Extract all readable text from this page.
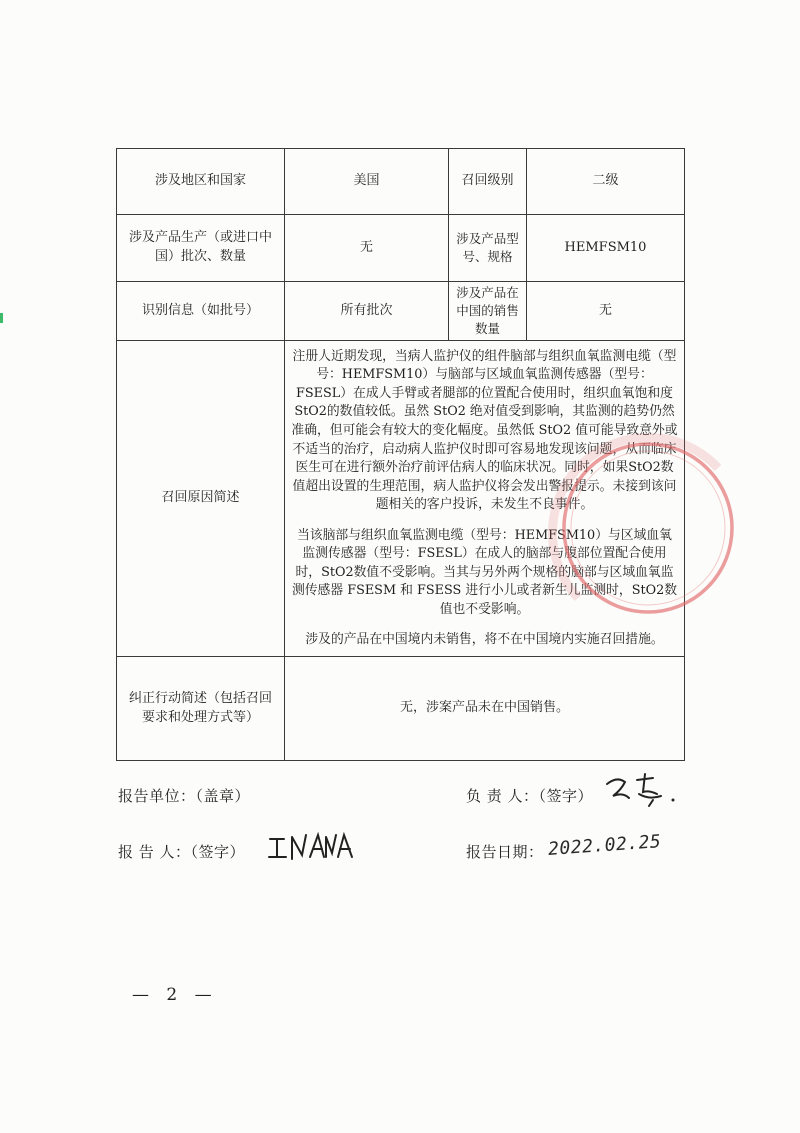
涉及地区和国家	美国	召回级别	二级
涉及产品生产（或进口中国）批次、数量	无	涉及产品型号、规格	HEMFSM10
识别信息（如批号）	所有批次	涉及产品在中国的销售数量	无
召回原因简述	注册人近期发现，当病人监护仪的组件脑部与组织血氧监测电缆（型号：HEMFSM10）与脑部与区域血氧监测传感器（型号：FSESL）在成人手臂或者腿部的位置配合使用时，组织血氧饱和度StO2的数值较低。虽然 StO2 绝对值受到影响，其监测的趋势仍然准确，但可能会有较大的变化幅度。虽然低 StO2 值可能导致意外或不适当的治疗，启动病人监护仪时即可容易地发现该问题，从而临床医生可在进行额外治疗前评估病人的临床状况。同时，如果StO2数值超出设置的生理范围，病人监护仪将会发出警报提示。未接到该问题相关的客户投诉，未发生不良事件。

当该脑部与组织血氧监测电缆（型号：HEMFSM10）与区域血氧监测传感器（型号：FSESL）在成人的脑部与腹部位置配合使用时，StO2数值不受影响。当其与另外两个规格的脑部与区域血氧监测传感器 FSESM 和 FSESS 进行小儿或者新生儿监测时，StO2数值也不受影响。

涉及的产品在中国境内未销售，将不在中国境内实施召回措施。		

纠正行动简述（包括召回要求和处理方式等）	无，涉案产品未在中国销售。		
报告单位：（盖章）	负 责 人：（签字）
报 告 人：（签字）	报告日期： 2022.02.25
— 2 —
